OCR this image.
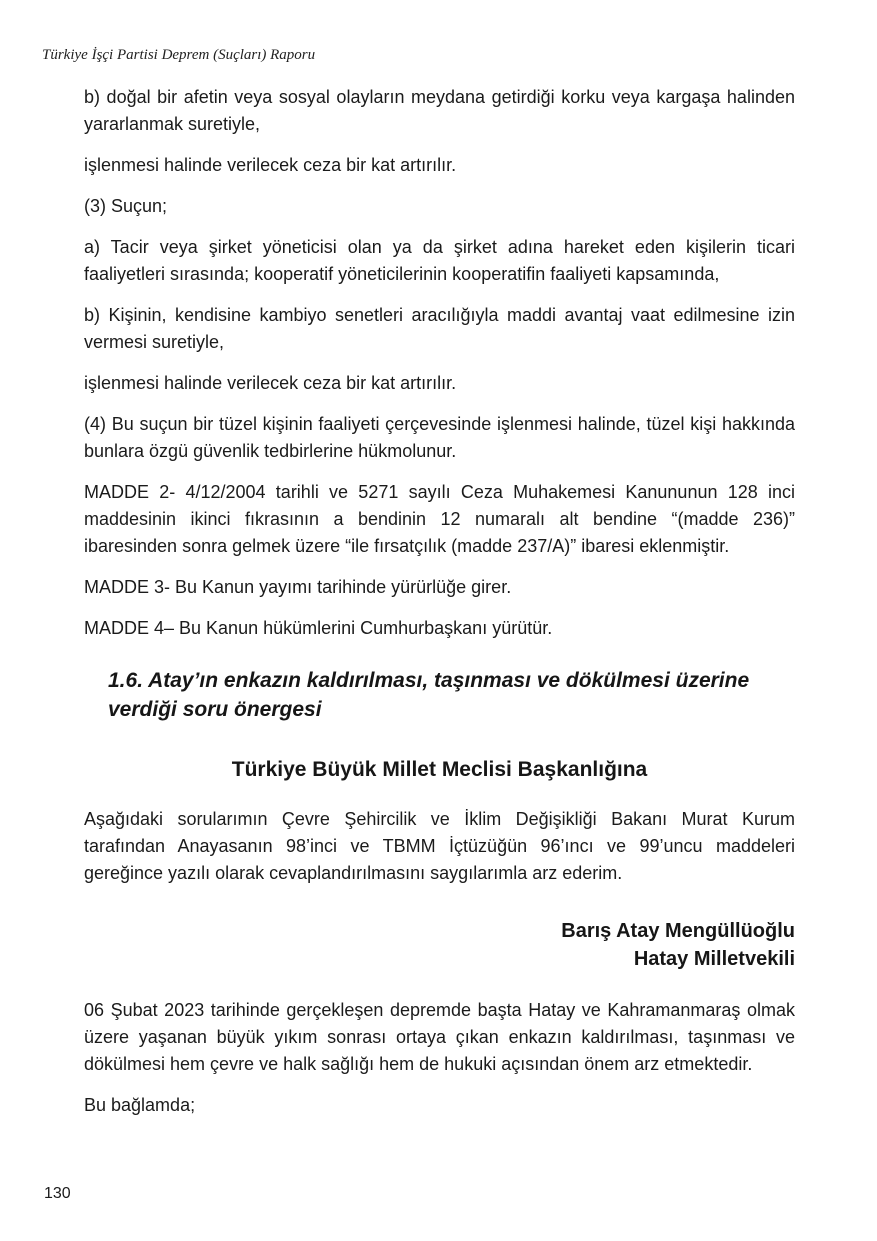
Türkiye İşçi Partisi Deprem (Suçları) Raporu

b) doğal bir afetin veya sosyal olayların meydana getirdiği korku veya kargaşa halinden yararlanmak suretiyle,

işlenmesi halinde verilecek ceza bir kat artırılır.

(3) Suçun;

a) Tacir veya şirket yöneticisi olan ya da şirket adına hareket eden kişilerin ticari faaliyetleri sırasında; kooperatif yöneticilerinin kooperatifin faaliyeti kapsamında,

b) Kişinin, kendisine kambiyo senetleri aracılığıyla maddi avantaj vaat edilmesine izin vermesi suretiyle,

işlenmesi halinde verilecek ceza bir kat artırılır.

(4) Bu suçun bir tüzel kişinin faaliyeti çerçevesinde işlenmesi halinde, tüzel kişi hakkında bunlara özgü güvenlik tedbirlerine hükmolunur.

MADDE 2- 4/12/2004 tarihli ve 5271 sayılı Ceza Muhakemesi Kanununun 128 inci maddesinin ikinci fıkrasının a bendinin 12 numaralı alt bendine “(madde 236)” ibaresinden sonra gelmek üzere “ile fırsatçılık (madde 237/A)” ibaresi eklenmiştir.

MADDE 3- Bu Kanun yayımı tarihinde yürürlüğe girer.

MADDE 4– Bu Kanun hükümlerini Cumhurbaşkanı yürütür.

1.6. Atay’ın enkazın kaldırılması, taşınması ve dökülmesi üzerine verdiği soru önergesi
Türkiye Büyük Millet Meclisi Başkanlığına

Aşağıdaki sorularımın Çevre Şehircilik ve İklim Değişikliği Bakanı Murat Kurum tarafından Anayasanın 98’inci ve TBMM İçtüzüğün 96’ıncı ve 99’uncu maddeleri gereğince yazılı olarak cevaplandırılmasını saygılarımla arz ederim.

Barış Atay Mengüllüoğlu
Hatay Milletvekili

06 Şubat 2023 tarihinde gerçekleşen depremde başta Hatay ve Kahramanmaraş olmak üzere yaşanan büyük yıkım sonrası ortaya çıkan enkazın kaldırılması, taşınması ve dökülmesi hem çevre ve halk sağlığı hem de hukuki açısından önem arz etmektedir.

Bu bağlamda;

130
